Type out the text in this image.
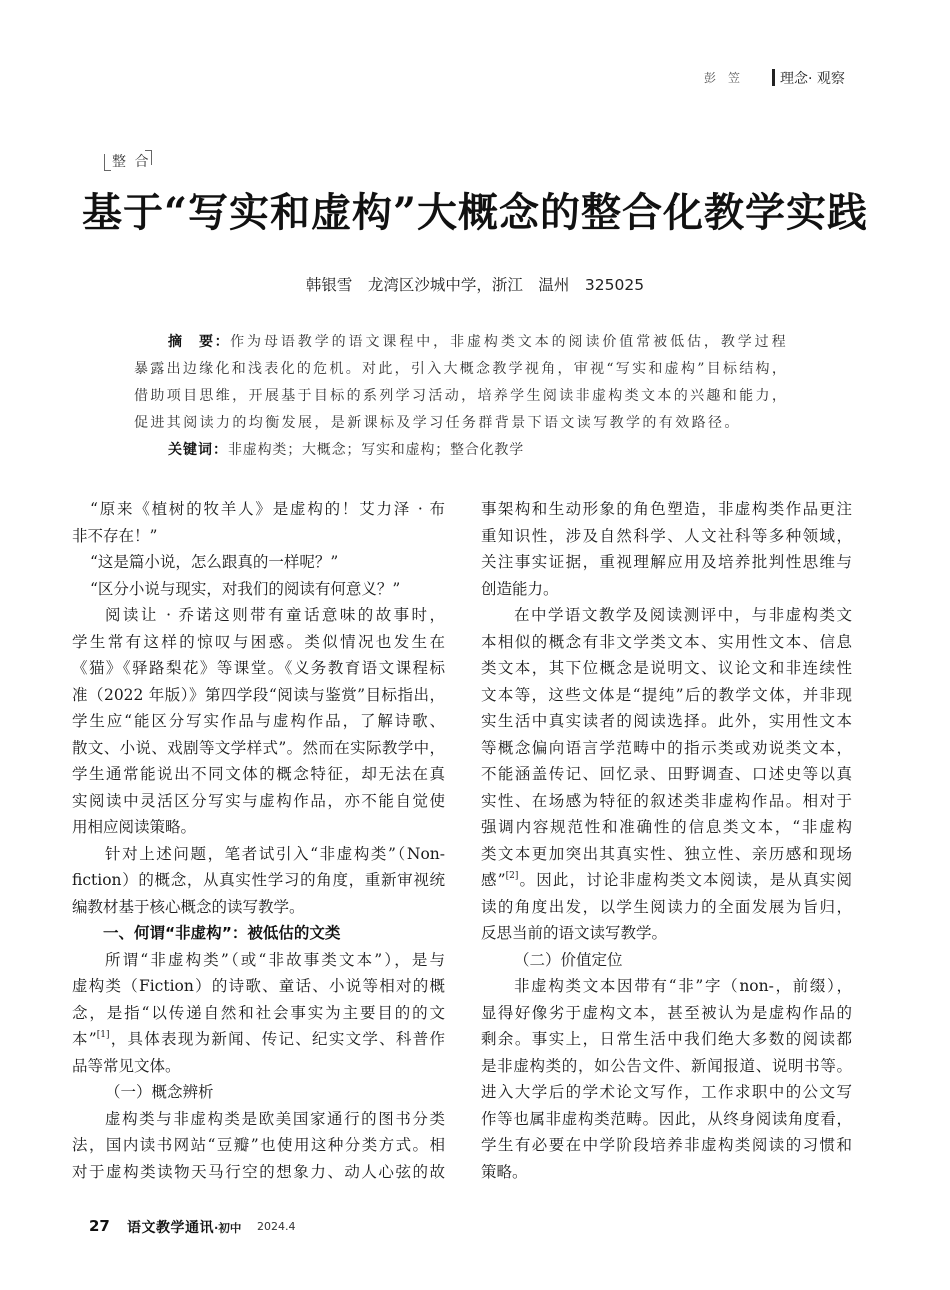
彭　笠	理念· 观察
整 合
基于“写实和虚构”大概念的整合化教学实践
韩银雪　龙湾区沙城中学，浙江　温州　325025
摘　要：作为母语教学的语文课程中，非虚构类文本的阅读价值常被低估，教学过程
暴露出边缘化和浅表化的危机。对此，引入大概念教学视角，审视“写实和虚构”目标结构，
借助项目思维，开展基于目标的系列学习活动，培养学生阅读非虚构类文本的兴趣和能力，
促进其阅读力的均衡发展，是新课标及学习任务群背景下语文读写教学的有效路径。
关键词：非虚构类；大概念；写实和虚构；整合化教学
“原来《植树的牧羊人》是虚构的！艾力泽 · 布
非不存在！”
“这是篇小说，怎么跟真的一样呢？”
“区分小说与现实，对我们的阅读有何意义？”
阅读让 · 乔诺这则带有童话意味的故事时，
学生常有这样的惊叹与困惑。类似情况也发生在
《猫》《驿路梨花》等课堂。《义务教育语文课程标
准（2022 年版）》第四学段“阅读与鉴赏”目标指出，
学生应“能区分写实作品与虚构作品，了解诗歌、
散文、小说、戏剧等文学样式”。然而在实际教学中，
学生通常能说出不同文体的概念特征，却无法在真
实阅读中灵活区分写实与虚构作品，亦不能自觉使
用相应阅读策略。
针对上述问题，笔者试引入“非虚构类”（Non-
fiction）的概念，从真实性学习的角度，重新审视统
编教材基于核心概念的读写教学。
一、何谓“非虚构”：被低估的文类
所谓“非虚构类”（或“非故事类文本”），是与
虚构类（Fiction）的诗歌、童话、小说等相对的概
念，是指“以传递自然和社会事实为主要目的的文
本”[1]，具体表现为新闻、传记、纪实文学、科普作
品等常见文体。
（一）概念辨析
虚构类与非虚构类是欧美国家通行的图书分类
法，国内读书网站“豆瓣”也使用这种分类方式。相
对于虚构类读物天马行空的想象力、动人心弦的故
事架构和生动形象的角色塑造，非虚构类作品更注
重知识性，涉及自然科学、人文社科等多种领域，
关注事实证据，重视理解应用及培养批判性思维与
创造能力。
在中学语文教学及阅读测评中，与非虚构类文
本相似的概念有非文学类文本、实用性文本、信息
类文本，其下位概念是说明文、议论文和非连续性
文本等，这些文体是“提纯”后的教学文体，并非现
实生活中真实读者的阅读选择。此外，实用性文本
等概念偏向语言学范畴中的指示类或劝说类文本，
不能涵盖传记、回忆录、田野调查、口述史等以真
实性、在场感为特征的叙述类非虚构作品。相对于
强调内容规范性和准确性的信息类文本，“非虚构
类文本更加突出其真实性、独立性、亲历感和现场
感”[2]。因此，讨论非虚构类文本阅读，是从真实阅
读的角度出发，以学生阅读力的全面发展为旨归，
反思当前的语文读写教学。
（二）价值定位
非虚构类文本因带有“非”字（non-，前缀），
显得好像劣于虚构文本，甚至被认为是虚构作品的
剩余。事实上，日常生活中我们绝大多数的阅读都
是非虚构类的，如公告文件、新闻报道、说明书等。
进入大学后的学术论文写作，工作求职中的公文写
作等也属非虚构类范畴。因此，从终身阅读角度看，
学生有必要在中学阶段培养非虚构类阅读的习惯和
策略。
27 语文教学通讯·初中 2024.4
